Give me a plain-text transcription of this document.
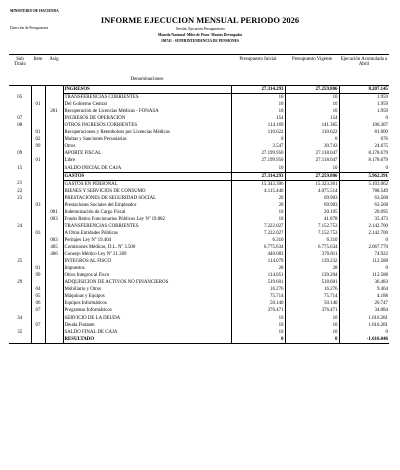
MINISTERIO DE HACIENDA
Dirección de Presupuestos
INFORME EJECUCION MENSUAL PERIODO 2026
Versión: Ejecución Presupuestaria
Moneda Nacional -Miles de Pesos- Montos Devengados
190741 - SUPERINTENDENCIA DE PENSIONES
Sub Título	Item	Asig	Denominaciones	Presupuesto Inicial	Presupuesto Vigente	Ejecución Acumulada a Abril
			INGRESOS	27.314.293	27.259.806	8.207.145
05			TRANSFERENCIAS CORRIENTES	10	10	1.959
	01		Del Gobierno Central	10	10	1.959
		201	Recuperación de Licencias Médicas - FONASA	10	10	1.959
07			INGRESOS DE OPERACIÓN	154	154	0
08			OTROS INGRESOS CORRIENTES	114.169	141.365	106.307
	01		Recuperaciones y Reembolsos por Licencias Médicas	110.622	110.622	81.000
	02		Multas y Sanciones Pecuniarias	0	0	676
	99		Otros	3.547	30.743	24.675
09			APORTE FISCAL	27.199.950	27.118.047	8.178.679
	01		Libre	27.199.950	27.118.047	8.178.679
15			SALDO INICIAL DE CAJA	10	10	0
			GASTOS	27.314.293	27.259.806	5.962.391
21			GASTOS EN PERSONAL	15.343.306	15.323.361	5.103.062
22			BIENES Y SERVICIOS DE CONSUMO	4.115.440	4.075.514	788.549
23			PRESTACIONES DE SEGURIDAD SOCIAL	20	69.903	63.568
	03		Prestaciones Sociales del Empleador	20	69.903	63.568
		001	Indemnización de Cargo Fiscal	10	20.105	20.095
		003	Fondo Retiro Funcionarios Públicos Ley Nº 19.882	10	41.878	35.473
24			TRANSFERENCIAS CORRIENTES	7.222.027	7.152.753	2.142.700
	03		A Otras Entidades Públicas	7.222.027	7.152.753	2.142.700
		003	Peritajes Ley Nº 19.404	6.310	6.310	0
		405	Comisiones Médicas, D.L. Nº 3.500	6.775.634	6.775.634	2.067.770
		406	Consejo Médico Ley Nº 21.309	440.083	370.811	74.922
25			INTEGROS AL FISCO	114.079	139.232	112.588
	01		Impuestos	28	28	0
	99		Otros Integros al Fisco	114.051	139.204	112.588
29			ADQUISICION DE ACTIVOS NO FINANCIEROS	519.601	518.601	36.483
	04		Mobiliario y Otros	16.276	16.276	9.464
	05		Máquinas y Equipos	75.714	75.714	4.188
	06		Equipos Informáticos	50.140	50.140	20.747
	07		Programas Informáticos	376.471	376.471	34.084
34			SERVICIO DE LA DEUDA	10	10	1.616.281
	07		Deuda Flotante	10	10	1.616.281
35			SALDO FINAL DE CAJA	10	10	0
			RESULTADO	0	0	-1.616.046
